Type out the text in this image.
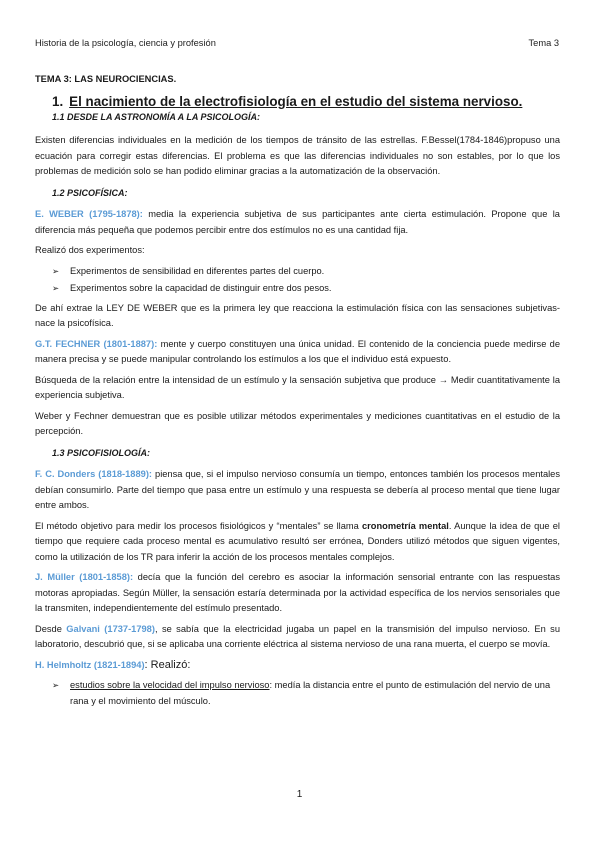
Historia de la psicología, ciencia y profesión	Tema 3
TEMA 3: LAS NEUROCIENCIAS.
1. El nacimiento de la electrofisiología en el estudio del sistema nervioso.
1.1 DESDE LA ASTRONOMÍA A LA PSICOLOGÍA:

Existen diferencias individuales en la medición de los tiempos de tránsito de las estrellas. F.Bessel(1784-1846)propuso una ecuación para corregir estas diferencias. El problema es que las diferencias individuales no son estables, por lo que los problemas de medición solo se han podido eliminar gracias a la automatización de la observación.

1.2 PSICOFÍSICA:

E. WEBER (1795-1878): media la experiencia subjetiva de sus participantes ante cierta estimulación. Propone que la diferencia más pequeña que podemos percibir entre dos estímulos no es una cantidad fija.

Realizó dos experimentos:

➢ Experimentos de sensibilidad en diferentes partes del cuerpo.
➢ Experimentos sobre la capacidad de distinguir entre dos pesos.

De ahí extrae la LEY DE WEBER que es la primera ley que reacciona la estimulación física con las sensaciones subjetivas- nace la psicofísica.

G.T. FECHNER (1801-1887): mente y cuerpo constituyen una única unidad. El contenido de la conciencia puede medirse de manera precisa y se puede manipular controlando los estímulos a los que el individuo está expuesto.

Búsqueda de la relación entre la intensidad de un estímulo y la sensación subjetiva que produce → Medir cuantitativamente la experiencia subjetiva.

Weber y Fechner demuestran que es posible utilizar métodos experimentales y mediciones cuantitativas en el estudio de la percepción.

1.3 PSICOFISIOLOGÍA:

F. C. Donders (1818-1889): piensa que, si el impulso nervioso consumía un tiempo, entonces también los procesos mentales debían consumirlo. Parte del tiempo que pasa entre un estímulo y una respuesta se debería al proceso mental que tiene lugar entre ambos.

El método objetivo para medir los procesos fisiológicos y “mentales” se llama cronometría mental. Aunque la idea de que el tiempo que requiere cada proceso mental es acumulativo resultó ser errónea, Donders utilizó métodos que siguen vigentes, como la utilización de los TR para inferir la acción de los procesos mentales complejos.

J. Müller (1801-1858): decía que la función del cerebro es asociar la información sensorial entrante con las respuestas motoras apropiadas. Según Müller, la sensación estaría determinada por la actividad específica de los nervios sensoriales que la transmiten, independientemente del estímulo presentado.

Desde Galvani (1737-1798), se sabía que la electricidad jugaba un papel en la transmisión del impulso nervioso. En su laboratorio, descubrió que, si se aplicaba una corriente eléctrica al sistema nervioso de una rana muerta, el cuerpo se movía.

H. Helmholtz (1821-1894): Realizó:

➢ estudios sobre la velocidad del impulso nervioso: medía la distancia entre el punto de estimulación del nervio de una rana y el movimiento del músculo.
1
